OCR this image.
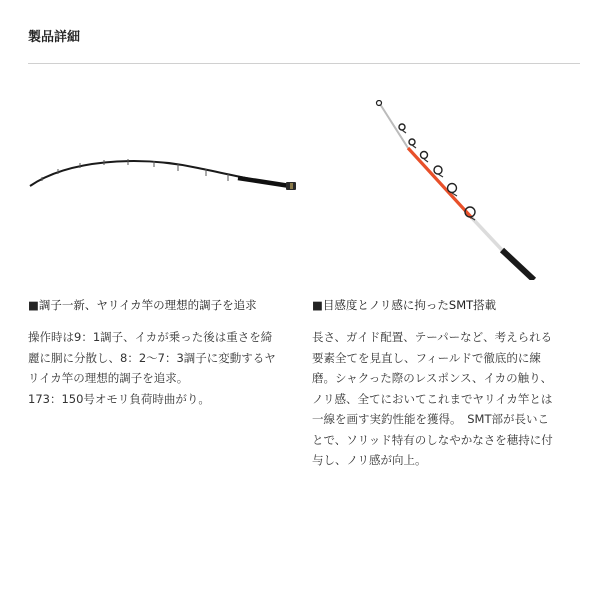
製品詳細
■調子一新、ヤリイカ竿の理想的調子を追求	■目感度とノリ感に拘ったSMT搭載
操作時は9：1調子、イカが乗った後は重さを綺
麗に胴に分散し、8：2〜7：3調子に変動するヤ
リイカ竿の理想的調子を追求。
173：150号オモリ負荷時曲がり。
長さ、ガイド配置、テーパーなど、考えられる
要素全てを見直し、フィールドで徹底的に練
磨。シャクった際のレスポンス、イカの触り、
ノリ感、全てにおいてこれまでヤリイカ竿とは
一線を画す実釣性能を獲得。　SMT部が長いこ
とで、ソリッド特有のしなやかなさを穂持に付
与し、ノリ感が向上。
